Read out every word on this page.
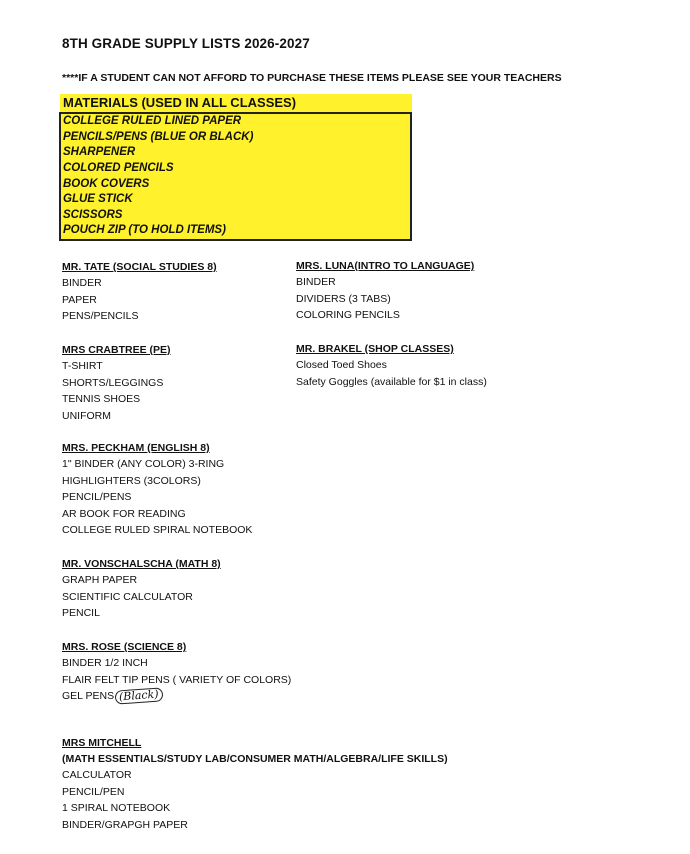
8TH GRADE SUPPLY LISTS 2026-2027
****IF A STUDENT CAN NOT AFFORD TO PURCHASE THESE ITEMS PLEASE SEE YOUR TEACHERS
MATERIALS (USED IN ALL CLASSES)
COLLEGE RULED LINED PAPER
PENCILS/PENS (BLUE OR BLACK)
SHARPENER
COLORED PENCILS
BOOK COVERS
GLUE STICK
SCISSORS
POUCH ZIP (TO HOLD ITEMS)
MR. TATE (SOCIAL STUDIES 8)
BINDER
PAPER
PENS/PENCILS
MRS. LUNA(INTRO TO LANGUAGE)
BINDER
DIVIDERS (3 TABS)
COLORING PENCILS
MRS CRABTREE (PE)
T-SHIRT
SHORTS/LEGGINGS
TENNIS SHOES
UNIFORM
MR. BRAKEL (SHOP CLASSES)
Closed Toed Shoes
Safety Goggles (available for $1 in class)
MRS. PECKHAM (ENGLISH 8)
1" BINDER (ANY COLOR) 3-RING
HIGHLIGHTERS (3COLORS)
PENCIL/PENS
AR BOOK FOR READING
COLLEGE RULED SPIRAL NOTEBOOK
MR. VONSCHALSCHA (MATH 8)
GRAPH PAPER
SCIENTIFIC CALCULATOR
PENCIL
MRS. ROSE (SCIENCE 8)
BINDER 1/2 INCH
FLAIR FELT TIP PENS ( VARIETY OF COLORS)
GEL PENS (Black)
MRS MITCHELL
(MATH ESSENTIALS/STUDY LAB/CONSUMER MATH/ALGEBRA/LIFE SKILLS)
CALCULATOR
PENCIL/PEN
1 SPIRAL NOTEBOOK
BINDER/GRAPGH PAPER
